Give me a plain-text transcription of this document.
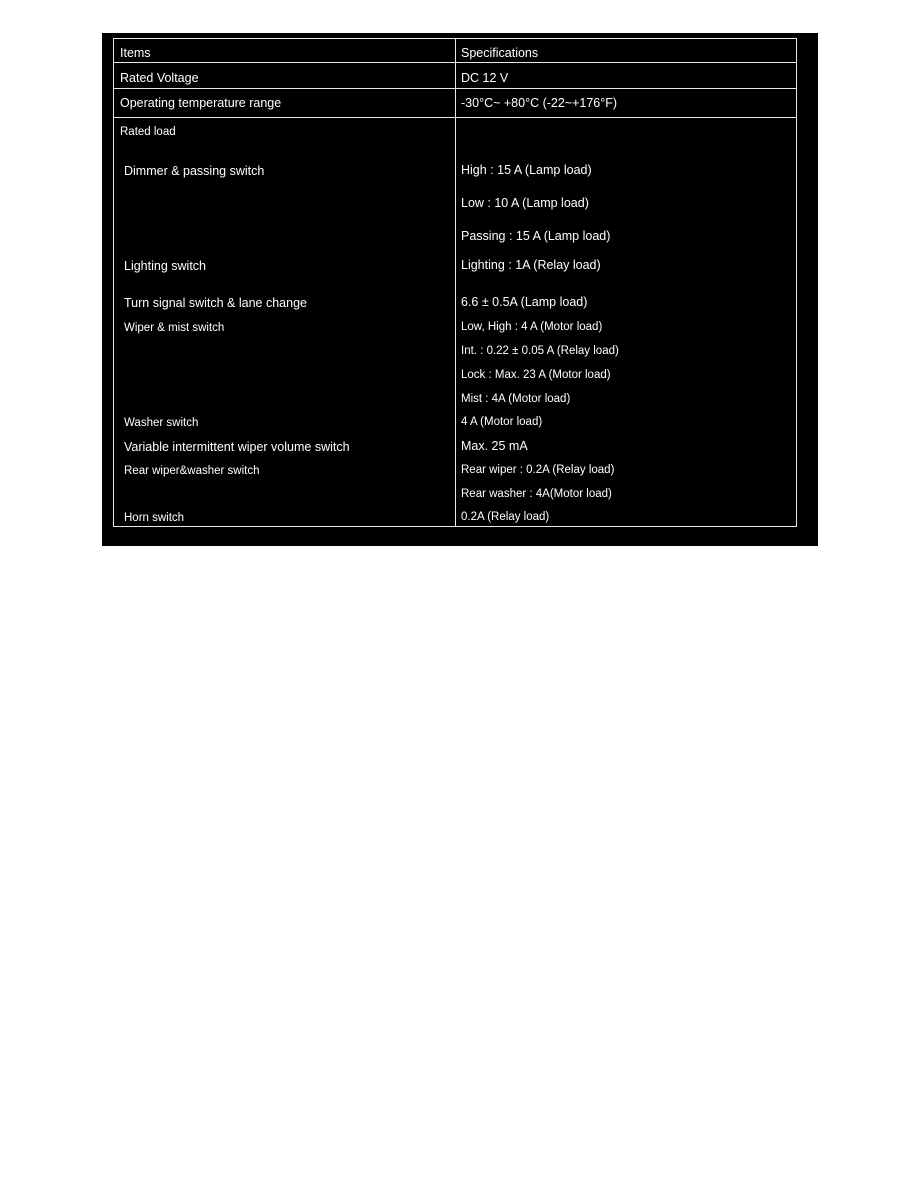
Items	Specifications
Rated Voltage	DC 12 V
Operating temperature range	-30°C~ +80°C (-22~+176°F)
Rated load
Dimmer & passing switch	High : 15 A (Lamp load)
Low : 10 A (Lamp load)
Passing : 15 A (Lamp load)
Lighting switch	Lighting : 1A (Relay load)
Turn signal switch & lane change	6.6 ± 0.5A (Lamp load)
Wiper & mist switch	Low, High : 4 A (Motor load)
Int. : 0.22 ± 0.05 A (Relay load)
Lock : Max. 23 A (Motor load)
Mist : 4A (Motor load)
Washer switch	4 A (Motor load)
Variable intermittent wiper volume switch	Max. 25 mA
Rear wiper&washer switch	Rear wiper : 0.2A (Relay load)
Rear washer : 4A(Motor load)
Horn switch	0.2A (Relay load)
